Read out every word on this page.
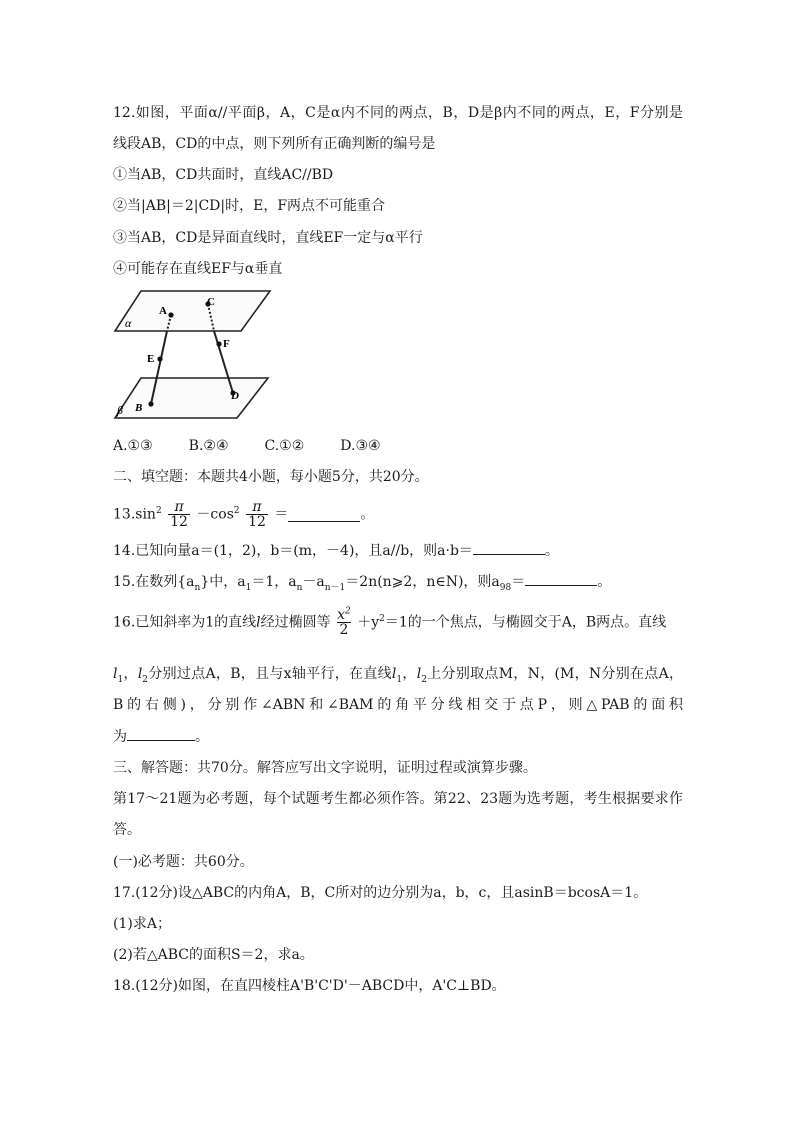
12.如图，平面α//平面β，A，C是α内不同的两点，B，D是β内不同的两点，E，F分别是
线段AB，CD的中点，则下列所有正确判断的编号是
①当AB，CD共面时，直线AC//BD
②当|AB|＝2|CD|时，E，F两点不可能重合
③当AB，CD是异面直线时，直线EF一定与α平行
④可能存在直线EF与α垂直
A
C
E
F
B
D
α
β
A.①③	B.②④	C.①②	D.③④
二、填空题：本题共4小题，每小题5分，共20分。
$13.\sin^2 \frac{\pi}{12} -\cos^2 \frac{\pi}{12}$ ＝	。
14.已知向量a＝(1，2)，b＝(m，－4)，且a//b，则a·b＝	。
15.在数列$\{a_n\}$中，$a_1=1$，$a_n-a_{n-1}=2n(n⩾2$，n∈N)，则$a_{98}=$	。
16.已知斜率为1的直线l经过椭圆等 $\frac{x^2}{2} +y^2=1$的一个焦点，与椭圆交于A，B两点。直线
$l_1$，$l_2$分别过点A，B，且与x轴平行，在直线$l_1$，$l_2$上分别取点M，N，(M，N分别在点A，
B的右侧)，分别作∠ABN和∠BAM的角平分线相交于点P，则△PAB的面积
为	。
三、解答题：共70分。解答应写出文字说明，证明过程或演算步骤。
第17～21题为必考题，每个试题考生都必须作答。第22、23题为选考题，考生根据要求作
答。
(一)必考题：共60分。
17.(12分)设△ABC的内角A，B，C所对的边分别为a，b，c，且asinB＝bcosA＝1。
(1)求A；
(2)若△ABC的面积S＝2，求a。
18.(12分)如图，在直四棱柱A'B'C'D'－ABCD中，A'C⊥BD。
